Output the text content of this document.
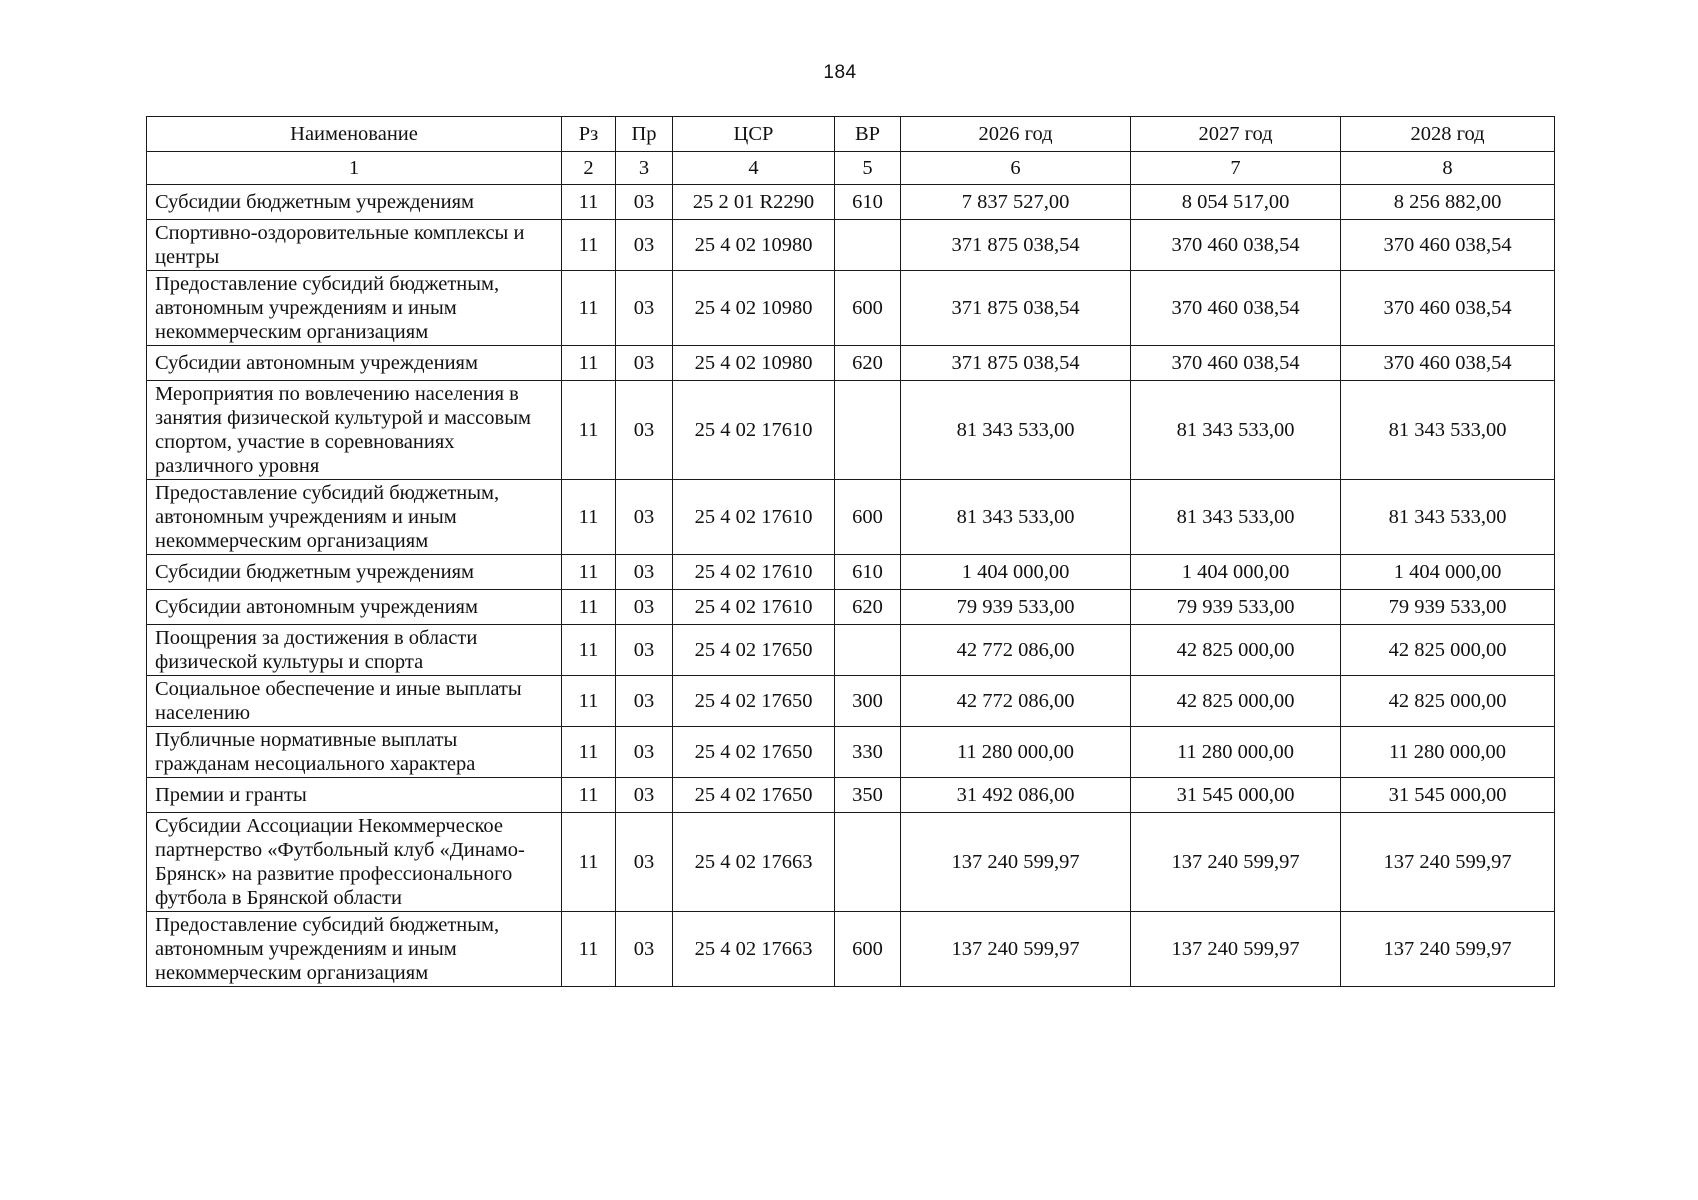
184
Наименование	Рз	Пр	ЦСР	ВР	2026 год	2027 год	2028 год
1	2	3	4	5	6	7	8
Субсидии бюджетным учреждениям	11	03	25 2 01 R2290	610	7 837 527,00	8 054 517,00	8 256 882,00
Спортивно-оздоровительные комплексы и центры	11	03	25 4 02 10980		371 875 038,54	370 460 038,54	370 460 038,54
Предоставление субсидий бюджетным, автономным учреждениям и иным некоммерческим организациям	11	03	25 4 02 10980	600	371 875 038,54	370 460 038,54	370 460 038,54
Субсидии автономным учреждениям	11	03	25 4 02 10980	620	371 875 038,54	370 460 038,54	370 460 038,54
Мероприятия по вовлечению населения в занятия физической культурой и массовым спортом, участие в соревнованиях различного уровня	11	03	25 4 02 17610		81 343 533,00	81 343 533,00	81 343 533,00
Предоставление субсидий бюджетным, автономным учреждениям и иным некоммерческим организациям	11	03	25 4 02 17610	600	81 343 533,00	81 343 533,00	81 343 533,00
Субсидии бюджетным учреждениям	11	03	25 4 02 17610	610	1 404 000,00	1 404 000,00	1 404 000,00
Субсидии автономным учреждениям	11	03	25 4 02 17610	620	79 939 533,00	79 939 533,00	79 939 533,00
Поощрения за достижения в области физической культуры и спорта	11	03	25 4 02 17650		42 772 086,00	42 825 000,00	42 825 000,00
Социальное обеспечение и иные выплаты населению	11	03	25 4 02 17650	300	42 772 086,00	42 825 000,00	42 825 000,00
Публичные нормативные выплаты гражданам несоциального характера	11	03	25 4 02 17650	330	11 280 000,00	11 280 000,00	11 280 000,00
Премии и гранты	11	03	25 4 02 17650	350	31 492 086,00	31 545 000,00	31 545 000,00
Субсидии Ассоциации Некоммерческое партнерство «Футбольный клуб «Динамо-Брянск» на развитие профессионального футбола в Брянской области	11	03	25 4 02 17663		137 240 599,97	137 240 599,97	137 240 599,97
Предоставление субсидий бюджетным, автономным учреждениям и иным некоммерческим организациям	11	03	25 4 02 17663	600	137 240 599,97	137 240 599,97	137 240 599,97
